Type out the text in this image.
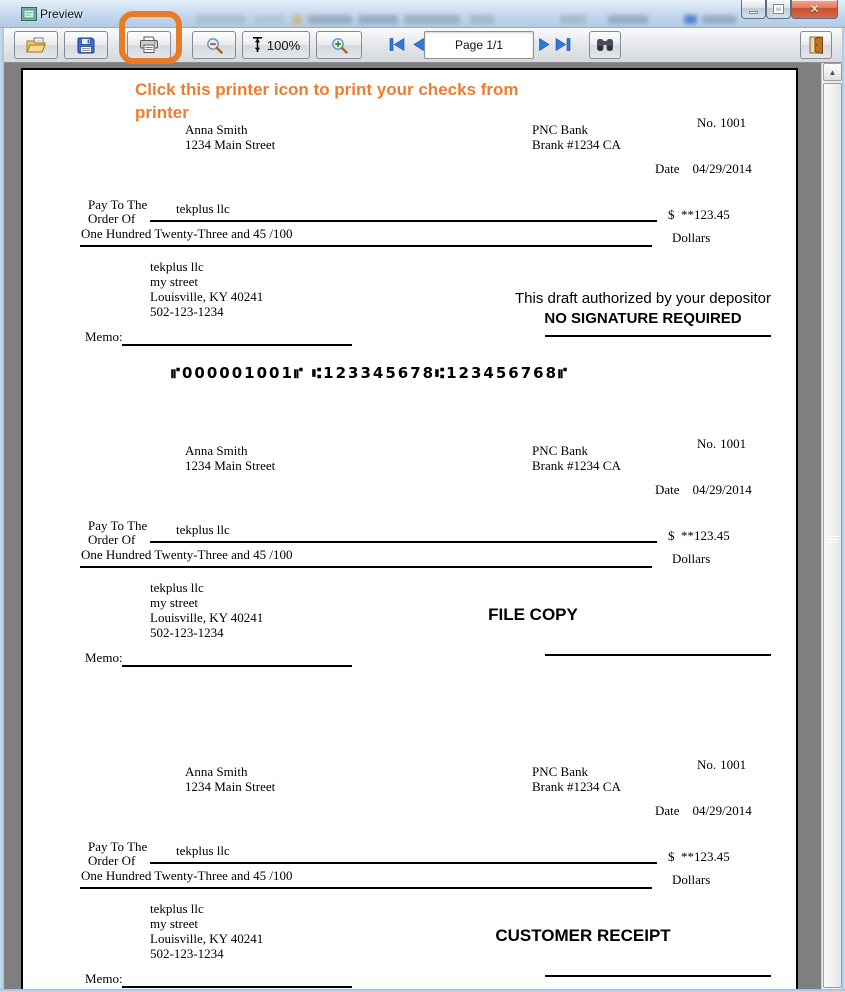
Preview	✕
100%	Page 1/1
Click this printer icon to print your checks from printer
Anna Smith
1234 Main Street
PNC Bank
Brank #1234 CA
No. 1001
Date 04/29/2014
Pay To The
Order Of
tekplus llc	$ **123.45
One Hundred Twenty-Three and 45 /100	Dollars
tekplus llc
my street
Louisville, KY 40241
502-123-1234
This draft authorized by your depositor
NO SIGNATURE REQUIRED
Memo:
⑈000001001⑈ ⑆123345678⑆123456768⑈
Anna Smith
1234 Main Street
PNC Bank
Brank #1234 CA
No. 1001
Date 04/29/2014
Pay To The
Order Of
tekplus llc	$ **123.45
One Hundred Twenty-Three and 45 /100	Dollars
tekplus llc
my street
Louisville, KY 40241
502-123-1234
FILE COPY
Memo:
Anna Smith
1234 Main Street
PNC Bank
Brank #1234 CA
No. 1001
Date 04/29/2014
Pay To The
Order Of
tekplus llc	$ **123.45
One Hundred Twenty-Three and 45 /100	Dollars
tekplus llc
my street
Louisville, KY 40241
502-123-1234
CUSTOMER RECEIPT
Memo:
▲
